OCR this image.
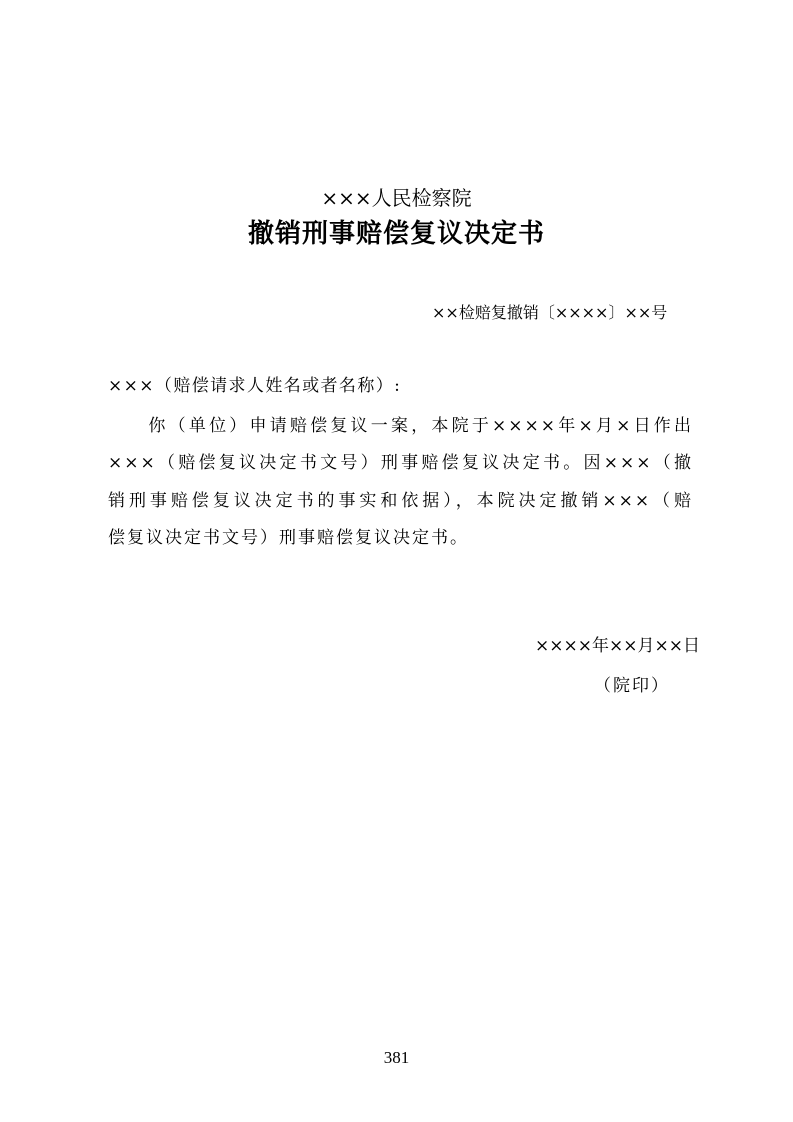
×××人民检察院
撤销刑事赔偿复议决定书
××检赔复撤销〔××××〕××号
×××（赔偿请求人姓名或者名称）:
　　你（单位）申请赔偿复议一案，本院于××××年×月×日作出
×××（赔偿复议决定书文号）刑事赔偿复议决定书。因×××（撤
销刑事赔偿复议决定书的事实和依据），本院决定撤销×××（赔
偿复议决定书文号）刑事赔偿复议决定书。
××××年××月××日
（院印）
381
